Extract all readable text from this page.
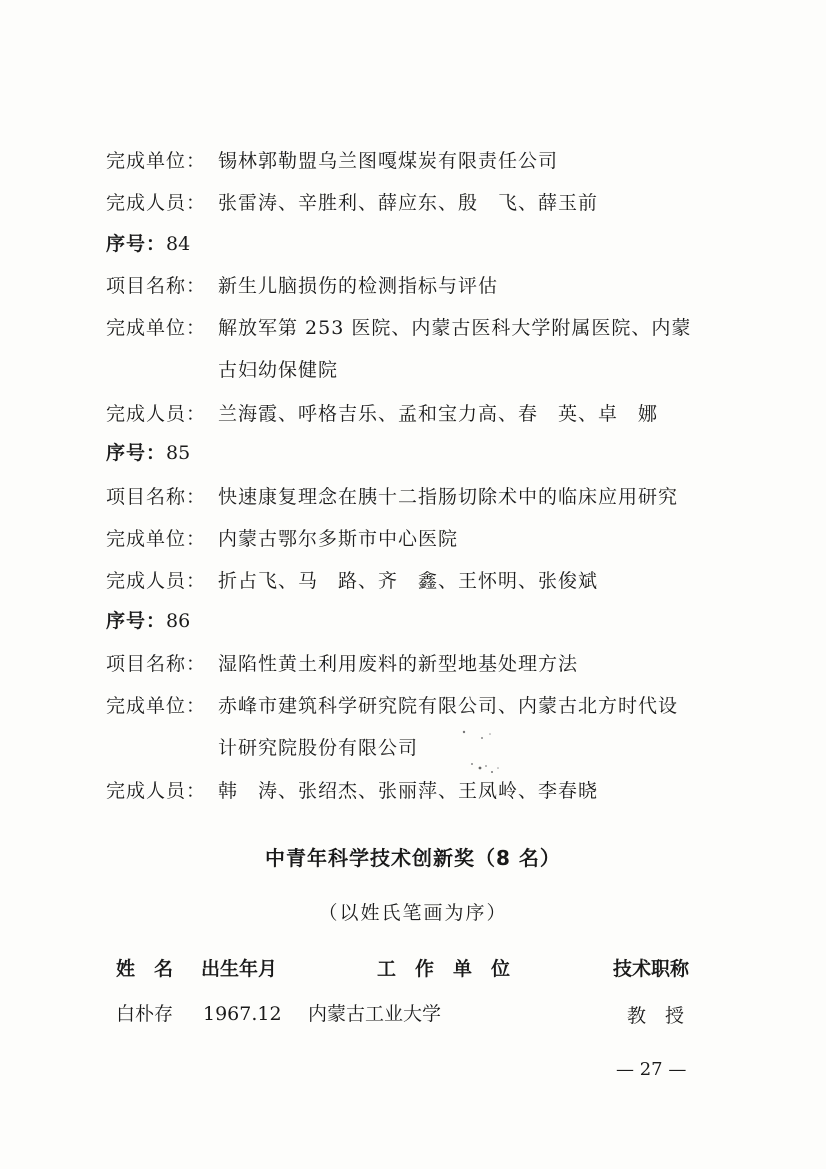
完成单位： 锡林郭勒盟乌兰图嘎煤炭有限责任公司
完成人员： 张雷涛、辛胜利、薛应东、殷　飞、薛玉前
序号：84
项目名称： 新生儿脑损伤的检测指标与评估
完成单位： 解放军第 253 医院、内蒙古医科大学附属医院、内蒙
古妇幼保健院
完成人员： 兰海霞、呼格吉乐、孟和宝力高、春　英、卓　娜
序号：85
项目名称： 快速康复理念在胰十二指肠切除术中的临床应用研究
完成单位： 内蒙古鄂尔多斯市中心医院
完成人员： 折占飞、马　路、齐　鑫、王怀明、张俊斌
序号：86
项目名称： 湿陷性黄土利用废料的新型地基处理方法
完成单位： 赤峰市建筑科学研究院有限公司、内蒙古北方时代设
计研究院股份有限公司
完成人员： 韩　涛、张绍杰、张丽萍、王凤岭、李春晓
中青年科学技术创新奖（8 名）
（以姓氏笔画为序）
姓　名 出生年月	工　作　单　位	技术职称
白朴存 1967.12 内蒙古工业大学	教　授
— 27 —
